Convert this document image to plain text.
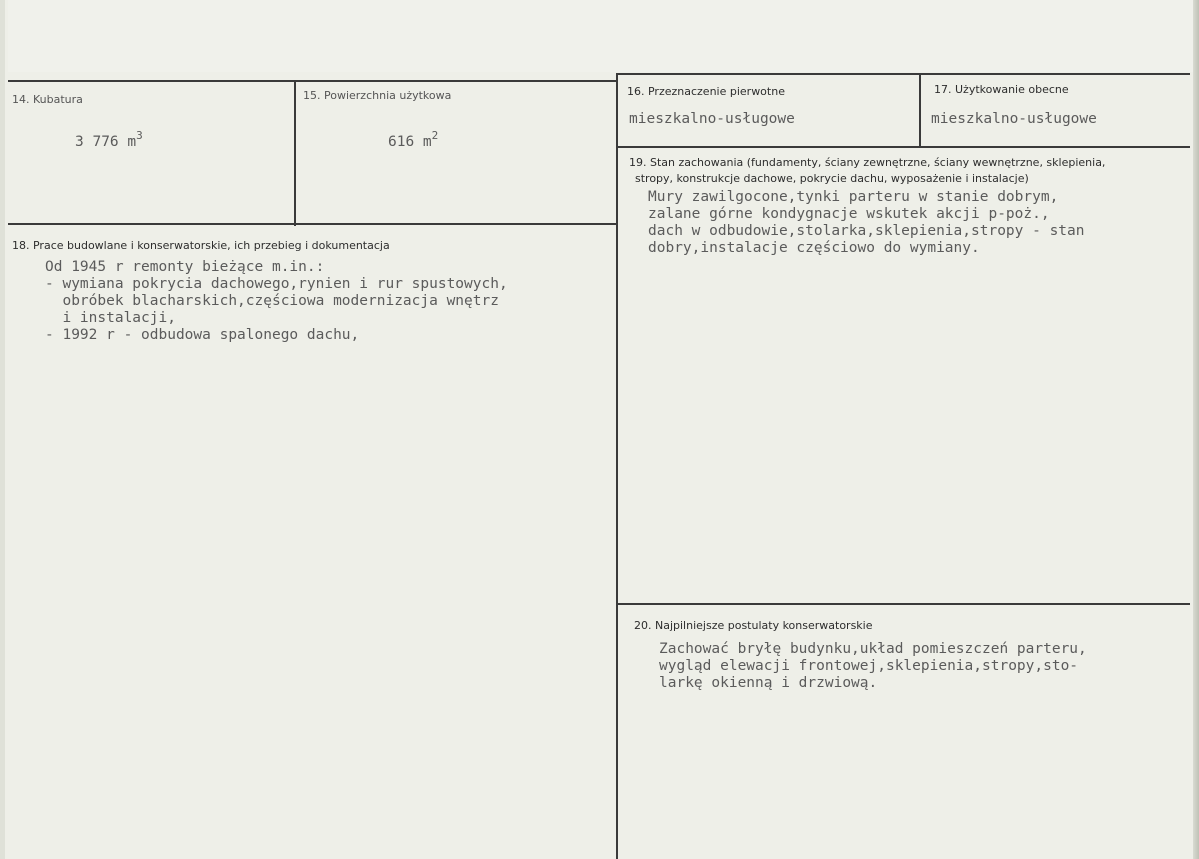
14. Kubatura
3 776 $m^3$
15. Powierzchnia użytkowa
616 $m^2$
16. Przeznaczenie pierwotne
mieszkalno-usługowe
17. Użytkowanie obecne
mieszkalno-usługowe
18. Prace budowlane i konserwatorskie, ich przebieg i dokumentacja
Od 1945 r remonty bieżące m.in.:
- wymiana pokrycia dachowego,rynien i rur spustowych,
obróbek blacharskich,częściowa modernizacja wnętrz
i instalacji,
- 1992 r - odbudowa spalonego dachu,
19. Stan zachowania (fundamenty, ściany zewnętrzne, ściany wewnętrzne, sklepienia,
stropy, konstrukcje dachowe, pokrycie dachu, wyposażenie i instalacje)
Mury zawilgocone,tynki parteru w stanie dobrym,
zalane górne kondygnacje wskutek akcji p-poż.,
dach w odbudowie,stolarka,sklepienia,stropy - stan
dobry,instalacje częściowo do wymiany.
20. Najpilniejsze postulaty konserwatorskie
Zachować bryłę budynku,układ pomieszczeń parteru,
wygląd elewacji frontowej,sklepienia,stropy,sto-
larkę okienną i drzwiową.
